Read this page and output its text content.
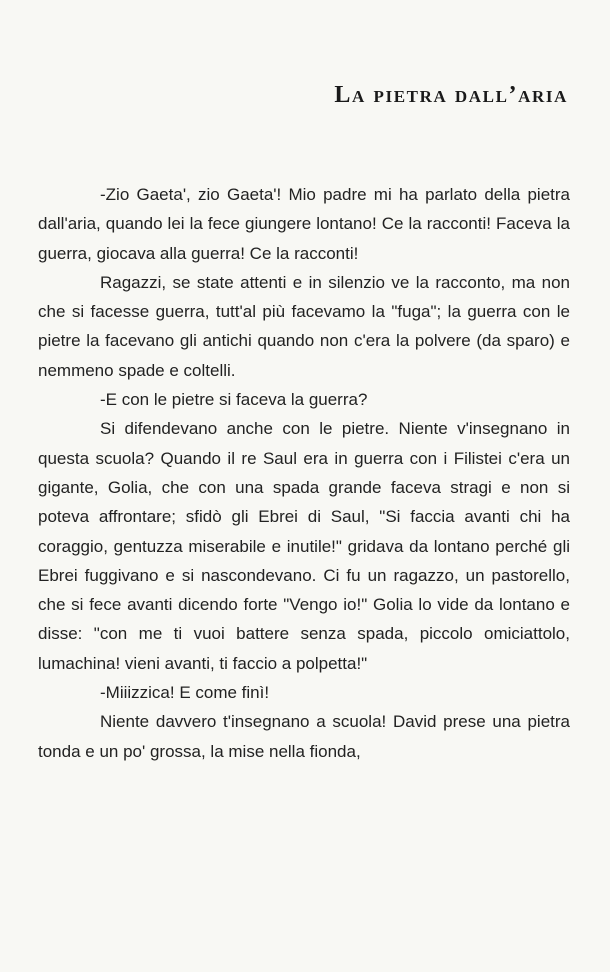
La pietra dall’aria

-Zio Gaeta', zio Gaeta'! Mio padre mi ha parlato della pietra dall'aria, quando lei la fece giungere lontano! Ce la racconti! Faceva la guerra, giocava alla guerra! Ce la racconti!

Ragazzi, se state attenti e in silenzio ve la racconto, ma non che si facesse guerra, tutt'al più facevamo la "fuga"; la guerra con le pietre la facevano gli antichi quando non c'era la polvere (da sparo) e nemmeno spade e coltelli.

-E con le pietre si faceva la guerra?

Si difendevano anche con le pietre. Niente v'insegnano in questa scuola? Quando il re Saul era in guerra con i Filistei c'era un gigante, Golia, che con una spada grande faceva stragi e non si poteva affrontare; sfidò gli Ebrei di Saul, "Si faccia avanti chi ha coraggio, gentuzza miserabile e inutile!" gridava da lontano perché gli Ebrei fuggivano e si nascondevano. Ci fu un ragazzo, un pastorello, che si fece avanti dicendo forte "Vengo io!" Golia lo vide da lontano e disse: "con me ti vuoi battere senza spada, piccolo omiciattolo, lumachina! vieni avanti, ti faccio a polpetta!"

-Miiizzica! E come finì!

Niente davvero t'insegnano a scuola! David prese una pietra tonda e un po' grossa, la mise nella fionda,
